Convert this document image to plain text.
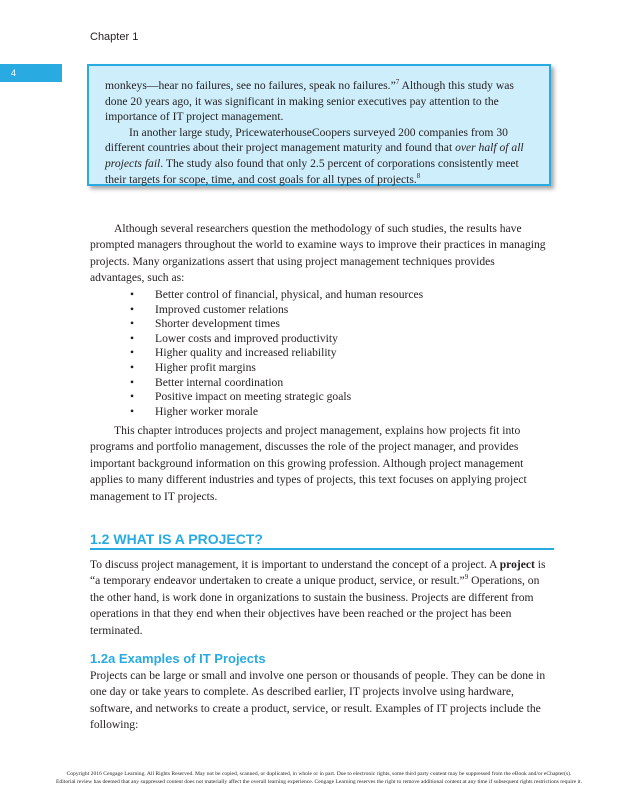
Chapter 1
4

monkeys—hear no failures, see no failures, speak no failures.”$^7$ Although this study was done 20 years ago, it was significant in making senior executives pay attention to the importance of IT project management.

In another large study, PricewaterhouseCoopers surveyed 200 companies from 30 different countries about their project management maturity and found that over half of all projects fail. The study also found that only 2.5 percent of corporations consistently meet their targets for scope, time, and cost goals for all types of projects.$^8$

Although several researchers question the methodology of such studies, the results have prompted managers throughout the world to examine ways to improve their practices in managing projects. Many organizations assert that using project management techniques provides advantages, such as:

• Better control of financial, physical, and human resources
• Improved customer relations
• Shorter development times
• Lower costs and improved productivity
• Higher quality and increased reliability
• Higher profit margins
• Better internal coordination
• Positive impact on meeting strategic goals
• Higher worker morale

This chapter introduces projects and project management, explains how projects fit into programs and portfolio management, discusses the role of the project manager, and provides important background information on this growing profession. Although project management applies to many different industries and types of projects, this text focuses on applying project management to IT projects.

1.2 WHAT IS A PROJECT?

To discuss project management, it is important to understand the concept of a project. A project is “a temporary endeavor undertaken to create a unique product, service, or result.”$^9$ Operations, on the other hand, is work done in organizations to sustain the business. Projects are different from operations in that they end when their objectives have been reached or the project has been terminated.

1.2a Examples of IT Projects

Projects can be large or small and involve one person or thousands of people. They can be done in one day or take years to complete. As described earlier, IT projects involve using hardware, software, and networks to create a product, service, or result. Examples of IT projects include the following:

Copyright 2016 Cengage Learning. All Rights Reserved. May not be copied, scanned, or duplicated, in whole or in part. Due to electronic rights, some third party content may be suppressed from the eBook and/or eChapter(s).

Editorial review has deemed that any suppressed content does not materially affect the overall learning experience. Cengage Learning reserves the right to remove additional content at any time if subsequent rights restrictions require it.
